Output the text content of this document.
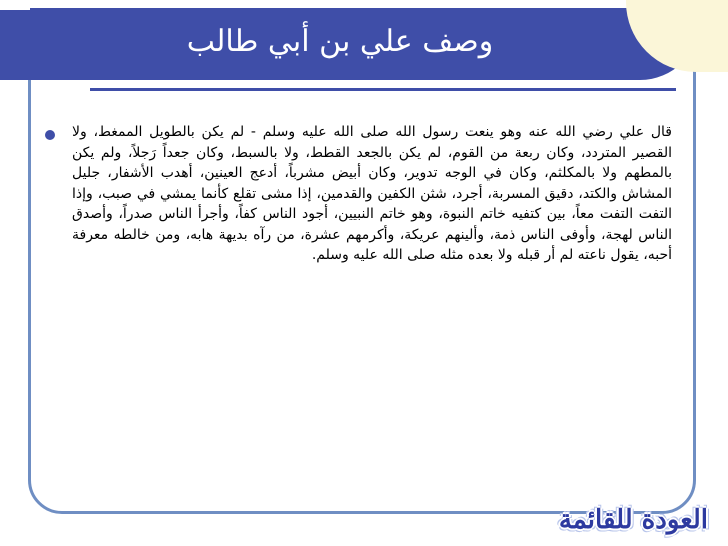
وصف علي بن أبي طالب
قال علي رضي الله عنه وهو ينعت رسول الله صلى الله عليه وسلم - لم يكن بالطويل الممغط، ولا القصير المتردد، وكان ربعة من القوم، لم يكن بالجعد القطط، ولا بالسبط، وكان جعداً رَجلاً، ولم يكن بالمطهم ولا بالمكلثم، وكان في الوجه تدوير، وكان أبيض مشرباً، أدعج العينين، أهدب الأشفار، جليل المشاش والكتد، دقيق المسربة، أجرد، شثن الكفين والقدمين، إذا مشى تقلع كأنما يمشي في صبب، وإذا التفت التفت معاً، بين كتفيه خاتم النبوة، وهو خاتم النبيين، أجود الناس كفاً، وأجرأ الناس صدراً، وأصدق الناس لهجة، وأوفى الناس ذمة، وألينهم عريكة، وأكرمهم عشرة، من رآه بديهة هابه، ومن خالطه معرفة أحبه، يقول ناعته لم أر قبله ولا بعده مثله صلى الله عليه وسلم.
العودة للقائمة
